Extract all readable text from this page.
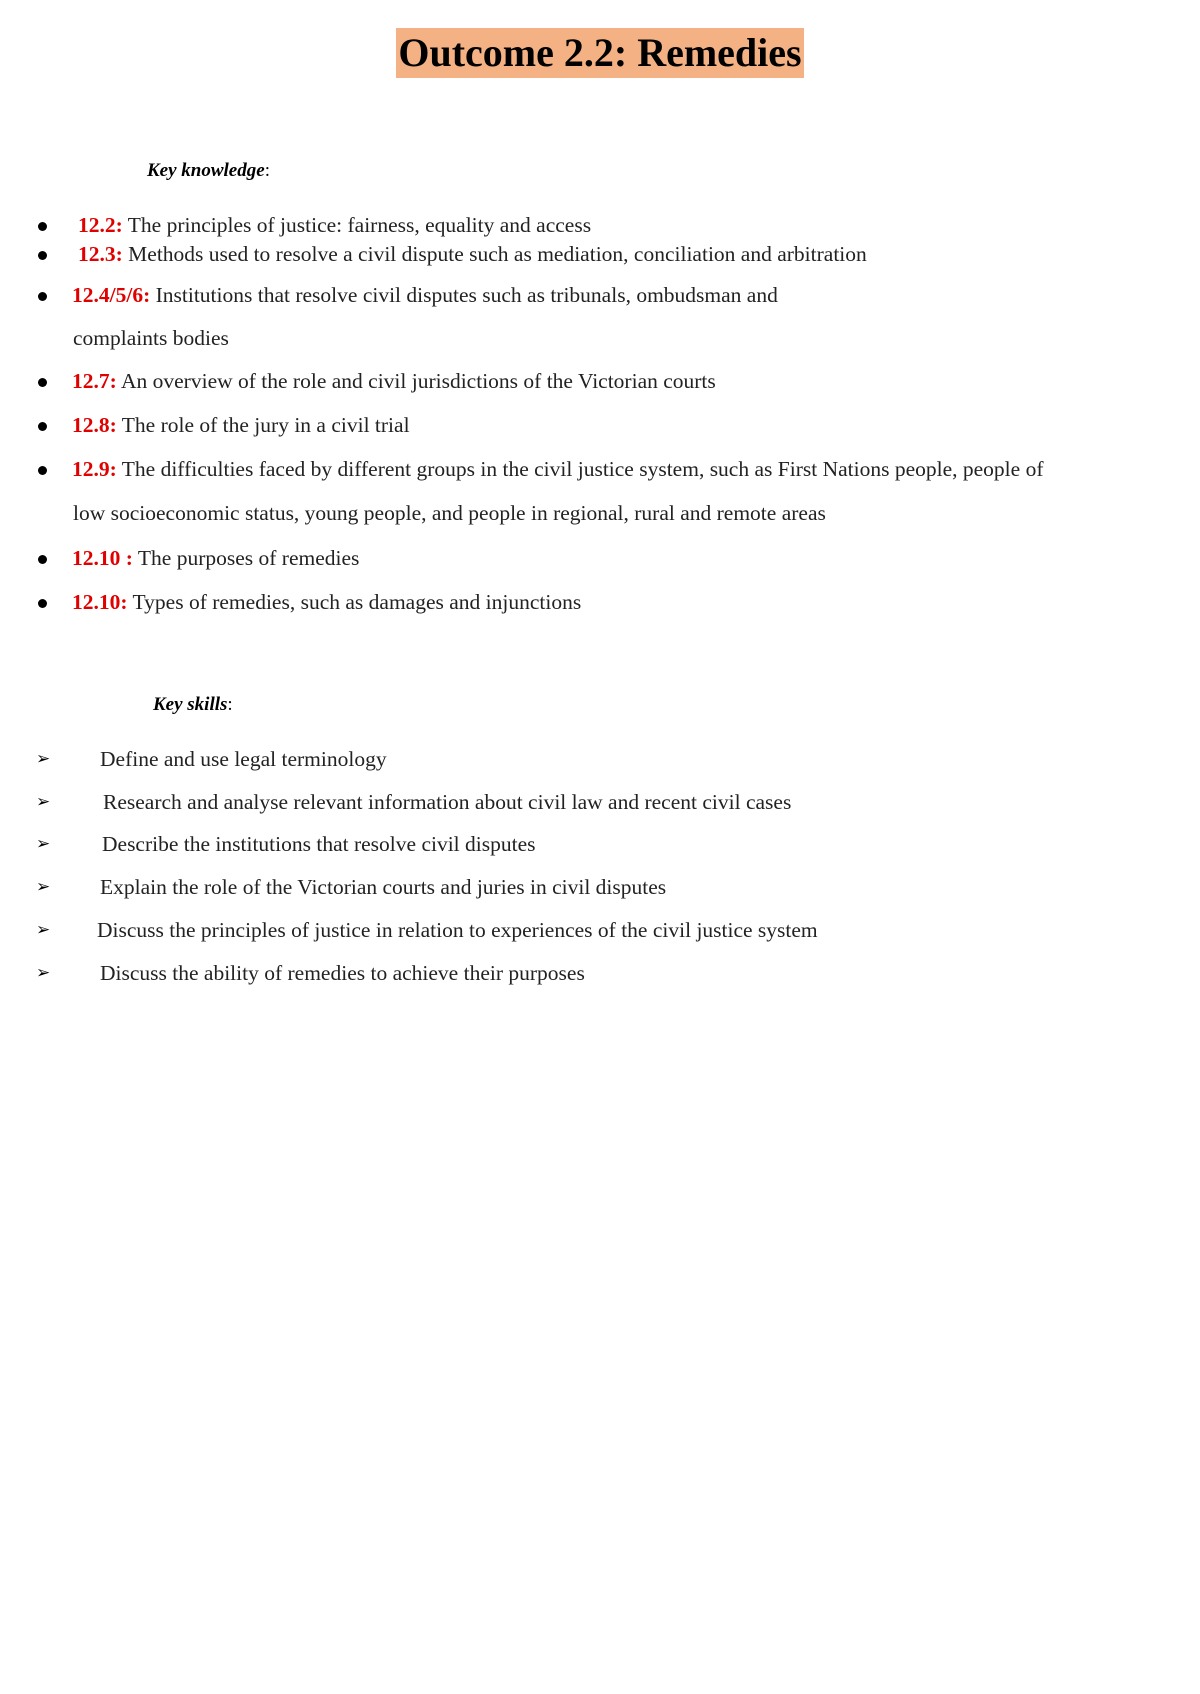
Outcome 2.2: Remedies
Key knowledge:
12.2: The principles of justice: fairness, equality and access
12.3: Methods used to resolve a civil dispute such as mediation, conciliation and arbitration
12.4/5/6: Institutions that resolve civil disputes such as tribunals, ombudsman and
complaints bodies
12.7: An overview of the role and civil jurisdictions of the Victorian courts
12.8: The role of the jury in a civil trial
12.9: The difficulties faced by different groups in the civil justice system, such as First Nations people, people of
low socioeconomic status, young people, and people in regional, rural and remote areas
12.10 : The purposes of remedies
12.10: Types of remedies, such as damages and injunctions
Key skills:
➢ Define and use legal terminology
➢ Research and analyse relevant information about civil law and recent civil cases
➢ Describe the institutions that resolve civil disputes
➢ Explain the role of the Victorian courts and juries in civil disputes
➢ Discuss the principles of justice in relation to experiences of the civil justice system
➢ Discuss the ability of remedies to achieve their purposes
